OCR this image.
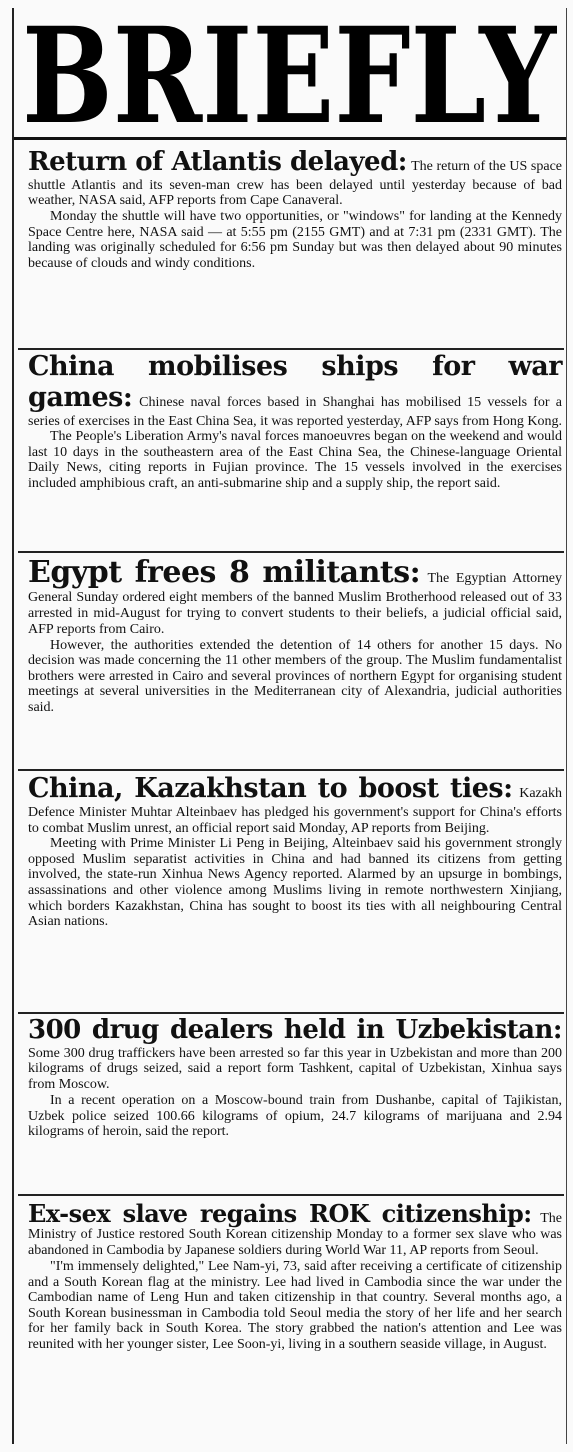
BRIEFLY

Return of Atlantis delayed: The return of the US space shuttle Atlantis and its seven-man crew has been delayed until yesterday because of bad weather, NASA said, AFP reports from Cape Canaveral.

Monday the shuttle will have two opportunities, or "windows" for landing at the Kennedy Space Centre here, NASA said — at 5:55 pm (2155 GMT) and at 7:31 pm (2331 GMT). The landing was originally scheduled for 6:56 pm Sunday but was then delayed about 90 minutes because of clouds and windy conditions.

China mobilises ships for war games: Chinese naval forces based in Shanghai has mobilised 15 vessels for a series of exercises in the East China Sea, it was reported yesterday, AFP says from Hong Kong.

The People's Liberation Army's naval forces manoeuvres began on the weekend and would last 10 days in the southeastern area of the East China Sea, the Chinese-language Oriental Daily News, citing reports in Fujian province. The 15 vessels involved in the exercises included amphibious craft, an anti-submarine ship and a supply ship, the report said.

Egypt frees 8 militants: The Egyptian Attorney General Sunday ordered eight members of the banned Muslim Brotherhood released out of 33 arrested in mid-August for trying to convert students to their beliefs, a judicial official said, AFP reports from Cairo.

However, the authorities extended the detention of 14 others for another 15 days. No decision was made concerning the 11 other members of the group. The Muslim fundamentalist brothers were arrested in Cairo and several provinces of northern Egypt for organising student meetings at several universities in the Mediterranean city of Alexandria, judicial authorities said.

China, Kazakhstan to boost ties: Kazakh Defence Minister Muhtar Alteinbaev has pledged his government's support for China's efforts to combat Muslim unrest, an official report said Monday, AP reports from Beijing.

Meeting with Prime Minister Li Peng in Beijing, Alteinbaev said his government strongly opposed Muslim separatist activities in China and had banned its citizens from getting involved, the state-run Xinhua News Agency reported. Alarmed by an upsurge in bombings, assassinations and other violence among Muslims living in remote northwestern Xinjiang, which borders Kazakhstan, China has sought to boost its ties with all neighbouring Central Asian nations.

300 drug dealers held in Uzbekistan: Some 300 drug traffickers have been arrested so far this year in Uzbekistan and more than 200 kilograms of drugs seized, said a report form Tashkent, capital of Uzbekistan, Xinhua says from Moscow.

In a recent operation on a Moscow-bound train from Dushanbe, capital of Tajikistan, Uzbek police seized 100.66 kilograms of opium, 24.7 kilograms of marijuana and 2.94 kilograms of heroin, said the report.

Ex-sex slave regains ROK citizenship: The Ministry of Justice restored South Korean citizenship Monday to a former sex slave who was abandoned in Cambodia by Japanese soldiers during World War 11, AP reports from Seoul.

"I'm immensely delighted," Lee Nam-yi, 73, said after receiving a certificate of citizenship and a South Korean flag at the ministry. Lee had lived in Cambodia since the war under the Cambodian name of Leng Hun and taken citizenship in that country. Several months ago, a South Korean businessman in Cambodia told Seoul media the story of her life and her search for her family back in South Korea. The story grabbed the nation's attention and Lee was reunited with her younger sister, Lee Soon-yi, living in a southern seaside village, in August.
